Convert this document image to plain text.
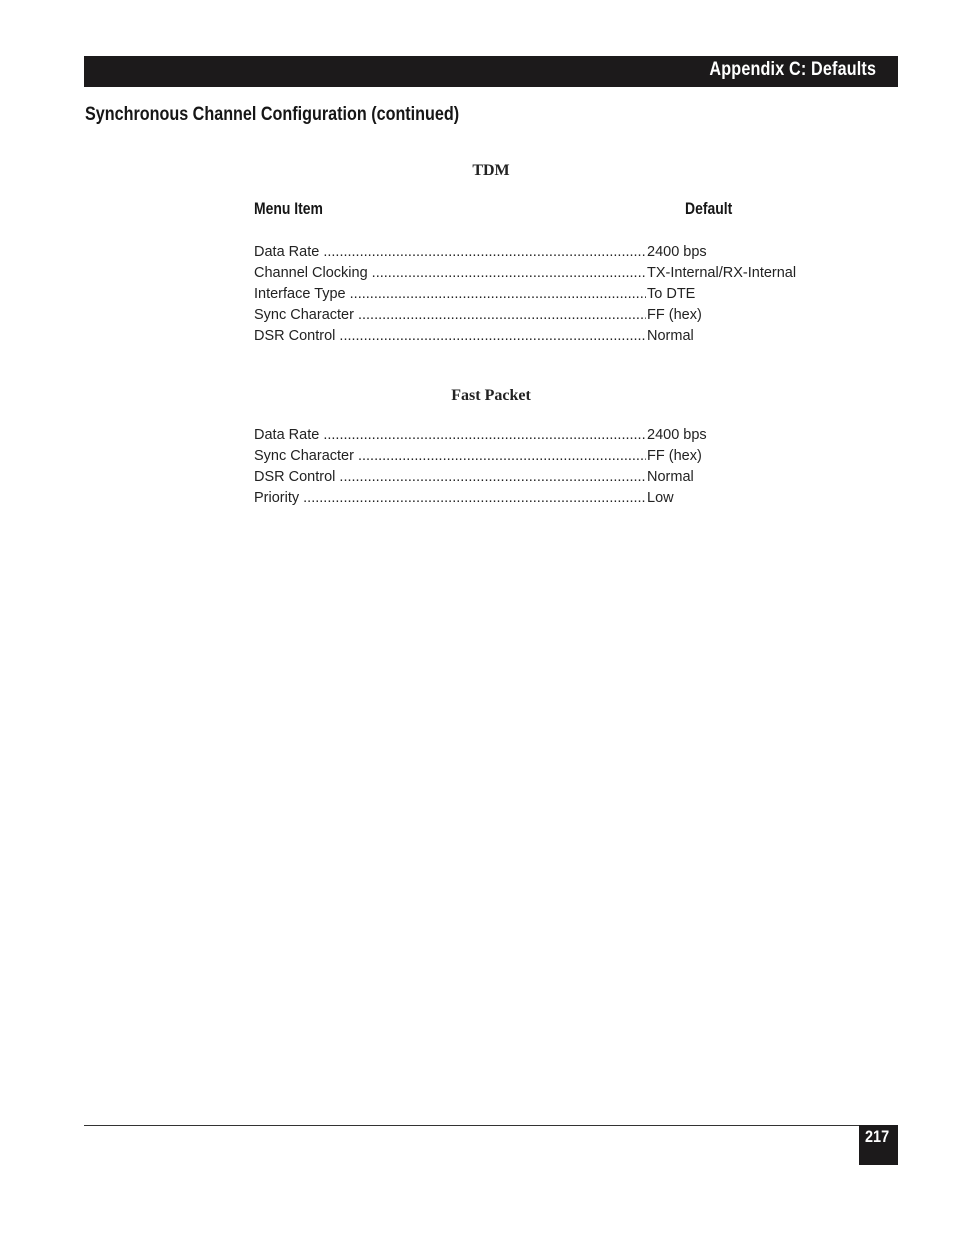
Appendix C: Defaults
Synchronous Channel Configuration (continued)
TDM
Menu Item	Default
Data Rate .....	2400 bps
Channel Clocking .....	TX-Internal/RX-Internal
Interface Type .....	To DTE
Sync Character .....	FF (hex)
DSR Control .....	Normal
Fast Packet
Data Rate .....	2400 bps
Sync Character .....	FF (hex)
DSR Control .....	Normal
Priority .....	Low
217
